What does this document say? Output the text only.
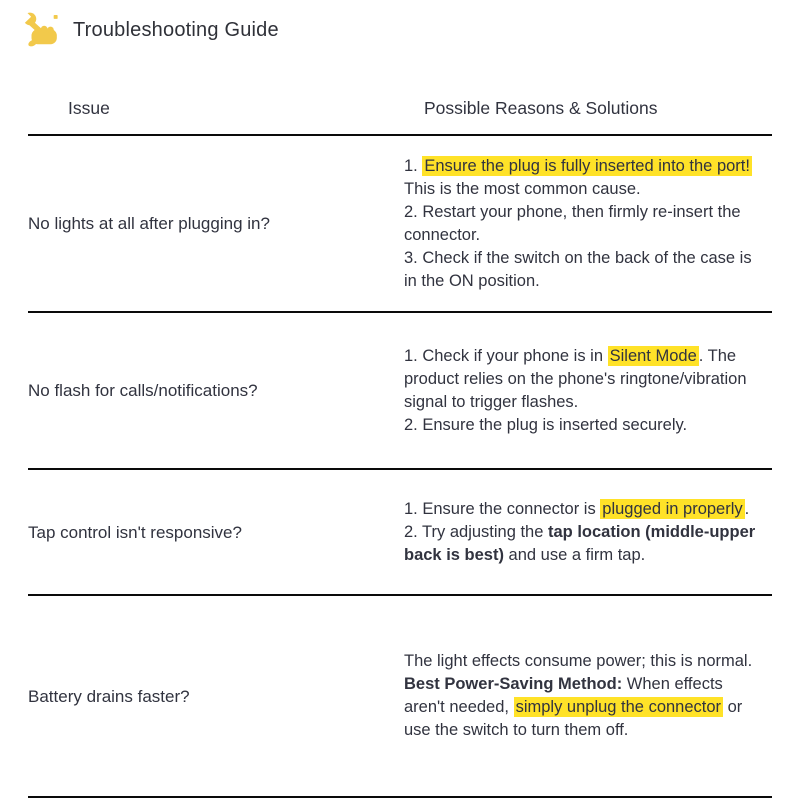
Troubleshooting Guide
Issue	Possible Reasons & Solutions
No lights at all after plugging in?
1. Ensure the plug is fully inserted into the port! This is the most common cause.
2. Restart your phone, then firmly re-insert the connector.
3. Check if the switch on the back of the case is in the ON position.
No flash for calls/notifications?
1. Check if your phone is in Silent Mode . The product relies on the phone's ringtone/vibration signal to trigger flashes.
2. Ensure the plug is inserted securely.
Tap control isn't responsive?
1. Ensure the connector is plugged in properly .
2. Try adjusting the tap location (middle-upper back is best) and use a firm tap.
Battery drains faster?
The light effects consume power; this is normal.
Best Power-Saving Method: When effects aren't needed, simply unplug the connector or use the switch to turn them off.
